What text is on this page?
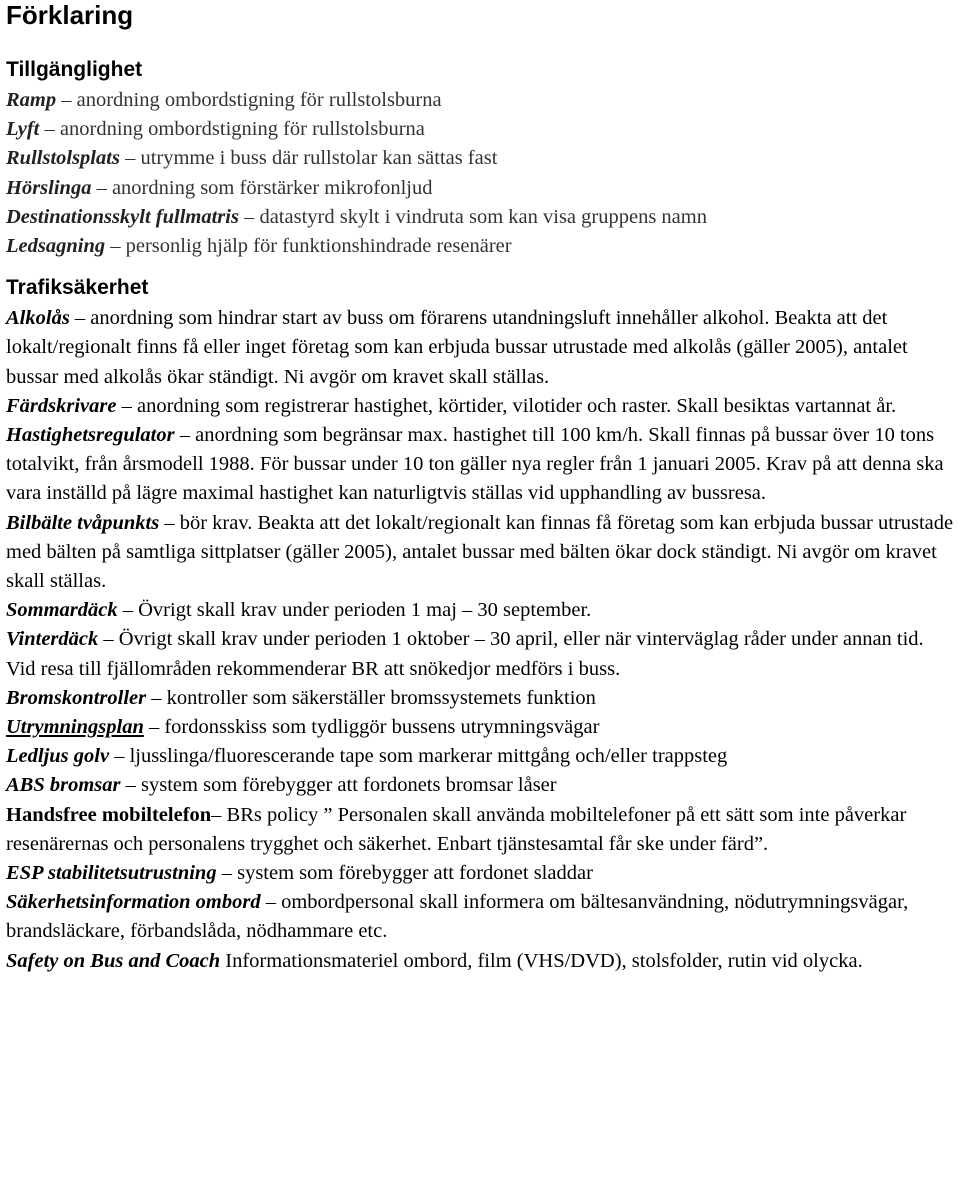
Förklaring
Tillgänglighet

Ramp – anordning ombordstigning för rullstolsburna

Lyft – anordning ombordstigning för rullstolsburna

Rullstolsplats – utrymme i buss där rullstolar kan sättas fast

Hörslinga – anordning som förstärker mikrofonljud

Destinationsskylt fullmatris – datastyrd skylt i vindruta som kan visa gruppens namn

Ledsagning – personlig hjälp för funktionshindrade resenärer

Trafiksäkerhet

Alkolås – anordning som hindrar start av buss om förarens utandningsluft innehåller alkohol. Beakta att det lokalt/regionalt finns få eller inget företag som kan erbjuda bussar utrustade med alkolås (gäller 2005), antalet bussar med alkolås ökar ständigt. Ni avgör om kravet skall ställas.

Färdskrivare – anordning som registrerar hastighet, körtider, vilotider och raster. Skall besiktas vartannat år.

Hastighetsregulator – anordning som begränsar max. hastighet till 100 km/h. Skall finnas på bussar över 10 tons totalvikt, från årsmodell 1988. För bussar under 10 ton gäller nya regler från 1 januari 2005. Krav på att denna ska vara inställd på lägre maximal hastighet kan naturligtvis ställas vid upphandling av bussresa.

Bilbälte tvåpunkts – bör krav. Beakta att det lokalt/regionalt kan finnas få företag som kan erbjuda bussar utrustade med bälten på samtliga sittplatser (gäller 2005), antalet bussar med bälten ökar dock ständigt. Ni avgör om kravet skall ställas.

Sommardäck – Övrigt skall krav under perioden 1 maj – 30 september.

Vinterdäck – Övrigt skall krav under perioden 1 oktober – 30 april, eller när vinterväglag råder under annan tid. Vid resa till fjällområden rekommenderar BR att snökedjor medförs i buss.

Bromskontroller – kontroller som säkerställer bromssystemets funktion

Utrymningsplan – fordonsskiss som tydliggör bussens utrymningsvägar

Ledljus golv – ljusslinga/fluorescerande tape som markerar mittgång och/eller trappsteg

ABS bromsar – system som förebygger att fordonets bromsar låser

Handsfree mobiltelefon– BRs policy ” Personalen skall använda mobiltelefoner på ett sätt som inte påverkar resenärernas och personalens trygghet och säkerhet. Enbart tjänstesamtal får ske under färd”.

ESP stabilitetsutrustning – system som förebygger att fordonet sladdar

Säkerhetsinformation ombord – ombordpersonal skall informera om bältesanvändning, nödutrymningsvägar, brandsläckare, förbandslåda, nödhammare etc.

Safety on Bus and Coach Informationsmateriel ombord, film (VHS/DVD), stolsfolder, rutin vid olycka.
